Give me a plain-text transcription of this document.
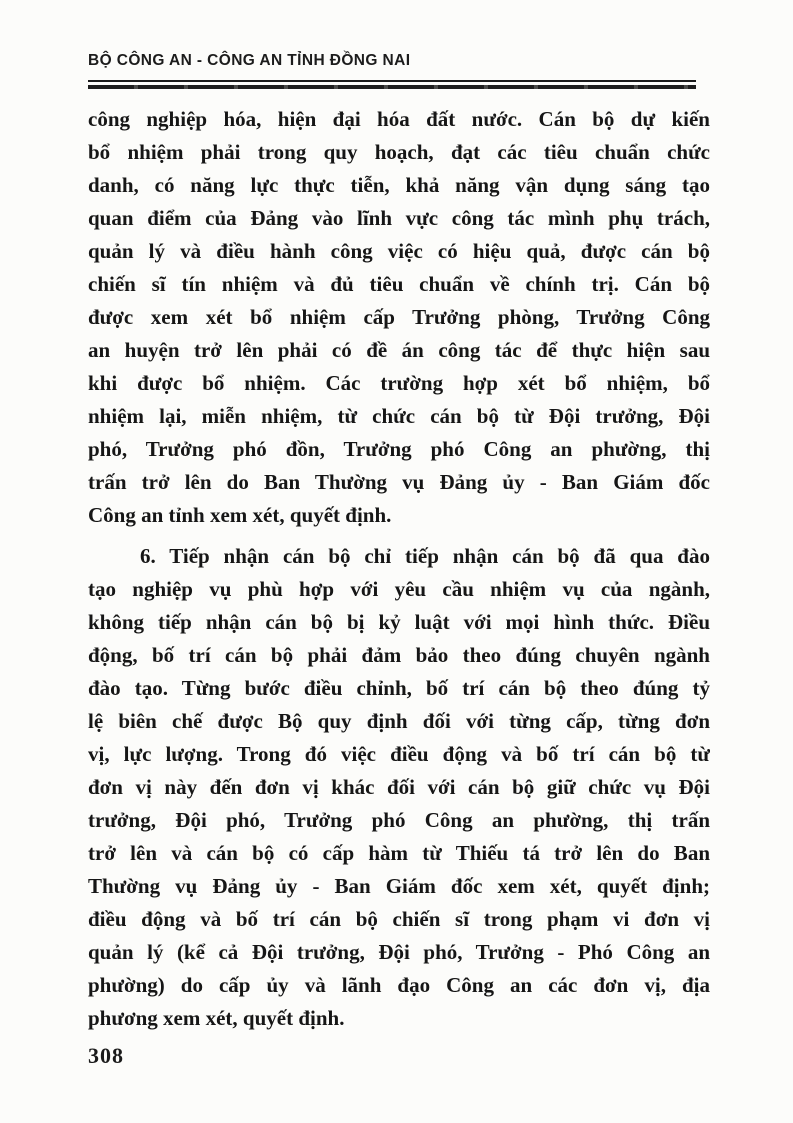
BỘ CÔNG AN - CÔNG AN TỈNH ĐỒNG NAI
công nghiệp hóa, hiện đại hóa đất nước. Cán bộ dự kiến
bổ nhiệm phải trong quy hoạch, đạt các tiêu chuẩn chức
danh, có năng lực thực tiễn, khả năng vận dụng sáng tạo
quan điểm của Đảng vào lĩnh vực công tác mình phụ trách,
quản lý và điều hành công việc có hiệu quả, được cán bộ
chiến sĩ tín nhiệm và đủ tiêu chuẩn về chính trị. Cán bộ
được xem xét bổ nhiệm cấp Trưởng phòng, Trưởng Công
an huyện trở lên phải có đề án công tác để thực hiện sau
khi được bổ nhiệm. Các trường hợp xét bổ nhiệm, bổ
nhiệm lại, miễn nhiệm, từ chức cán bộ từ Đội trưởng, Đội
phó, Trưởng phó đồn, Trưởng phó Công an phường, thị
trấn trở lên do Ban Thường vụ Đảng ủy - Ban Giám đốc
Công an tỉnh xem xét, quyết định.
6. Tiếp nhận cán bộ chỉ tiếp nhận cán bộ đã qua đào
tạo nghiệp vụ phù hợp với yêu cầu nhiệm vụ của ngành,
không tiếp nhận cán bộ bị kỷ luật với mọi hình thức. Điều
động, bố trí cán bộ phải đảm bảo theo đúng chuyên ngành
đào tạo. Từng bước điều chỉnh, bố trí cán bộ theo đúng tỷ
lệ biên chế được Bộ quy định đối với từng cấp, từng đơn
vị, lực lượng. Trong đó việc điều động và bố trí cán bộ từ
đơn vị này đến đơn vị khác đối với cán bộ giữ chức vụ Đội
trưởng, Đội phó, Trưởng phó Công an phường, thị trấn
trở lên và cán bộ có cấp hàm từ Thiếu tá trở lên do Ban
Thường vụ Đảng ủy - Ban Giám đốc xem xét, quyết định;
điều động và bố trí cán bộ chiến sĩ trong phạm vi đơn vị
quản lý (kể cả Đội trưởng, Đội phó, Trưởng - Phó Công an
phường) do cấp ủy và lãnh đạo Công an các đơn vị, địa
phương xem xét, quyết định.
308
